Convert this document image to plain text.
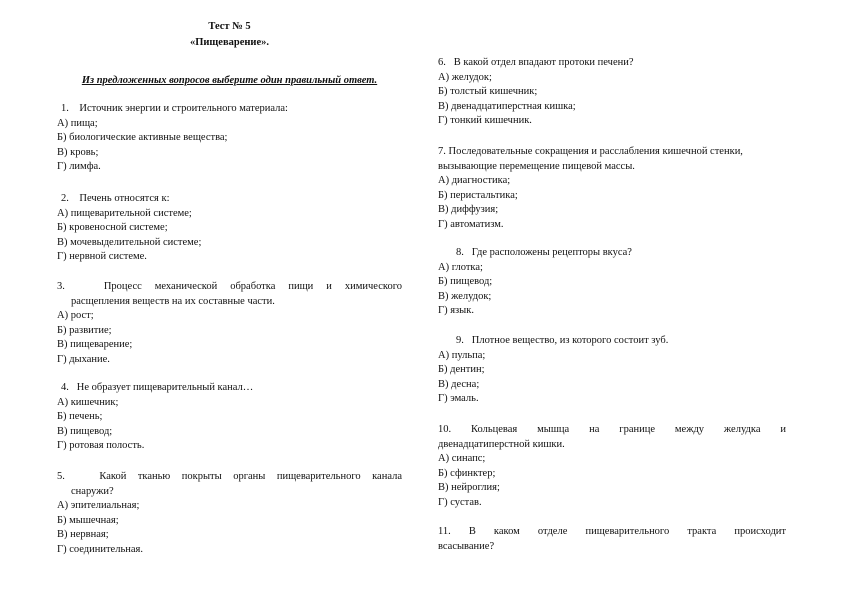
Тест № 5
«Пищеварение».
Из предложенных вопросов выберите один правильный ответ.

1.    Источник энергии и строительного материала:

А) пища;

Б) биологические активные вещества;

В) кровь;

Г) лимфа.

2.    Печень относятся к:

А) пищеварительной системе;

Б) кровеносной системе;

В) мочевыделительной системе;

Г) нервной системе.

3.   Процесс механической обработка пищи и химического
расщепления веществ на их составные части.

А) рост;

Б) развитие;

В) пищеварение;

Г) дыхание.

4.   Не образует пищеварительный канал…

А) кишечник;

Б) печень;

В) пищевод;

Г) ротовая полость.

5.   Какой тканью покрыты органы пищеварительного канала
снаружи?

А) эпителиальная;

Б) мышечная;

В) нервная;

Г) соединительная.

6.   В какой отдел впадают протоки печени?

А) желудок;

Б) толстый кишечник;

В) двенадцатиперстная кишка;

Г) тонкий кишечник.

7. Последовательные сокращения и расслабления кишечной стенки,
вызывающие перемещение пищевой массы.

А) диагностика;

Б) перистальтика;

В) диффузия;

Г) автоматизм.

8.   Где расположены рецепторы вкуса?

А) глотка;

Б) пищевод;

В) желудок;

Г) язык.

9.   Плотное вещество, из которого состоит зуб.

А) пульпа;

Б) дентин;

В) десна;

Г) эмаль.

10.  Кольцевая  мышца  на  границе  между  желудка  и
двенадцатиперстной кишки.

А) синапс;

Б) сфинктер;

В) нейроглия;

Г) сустав.

11.  В  каком  отделе  пищеварительного  тракта  происходит
всасывание?
